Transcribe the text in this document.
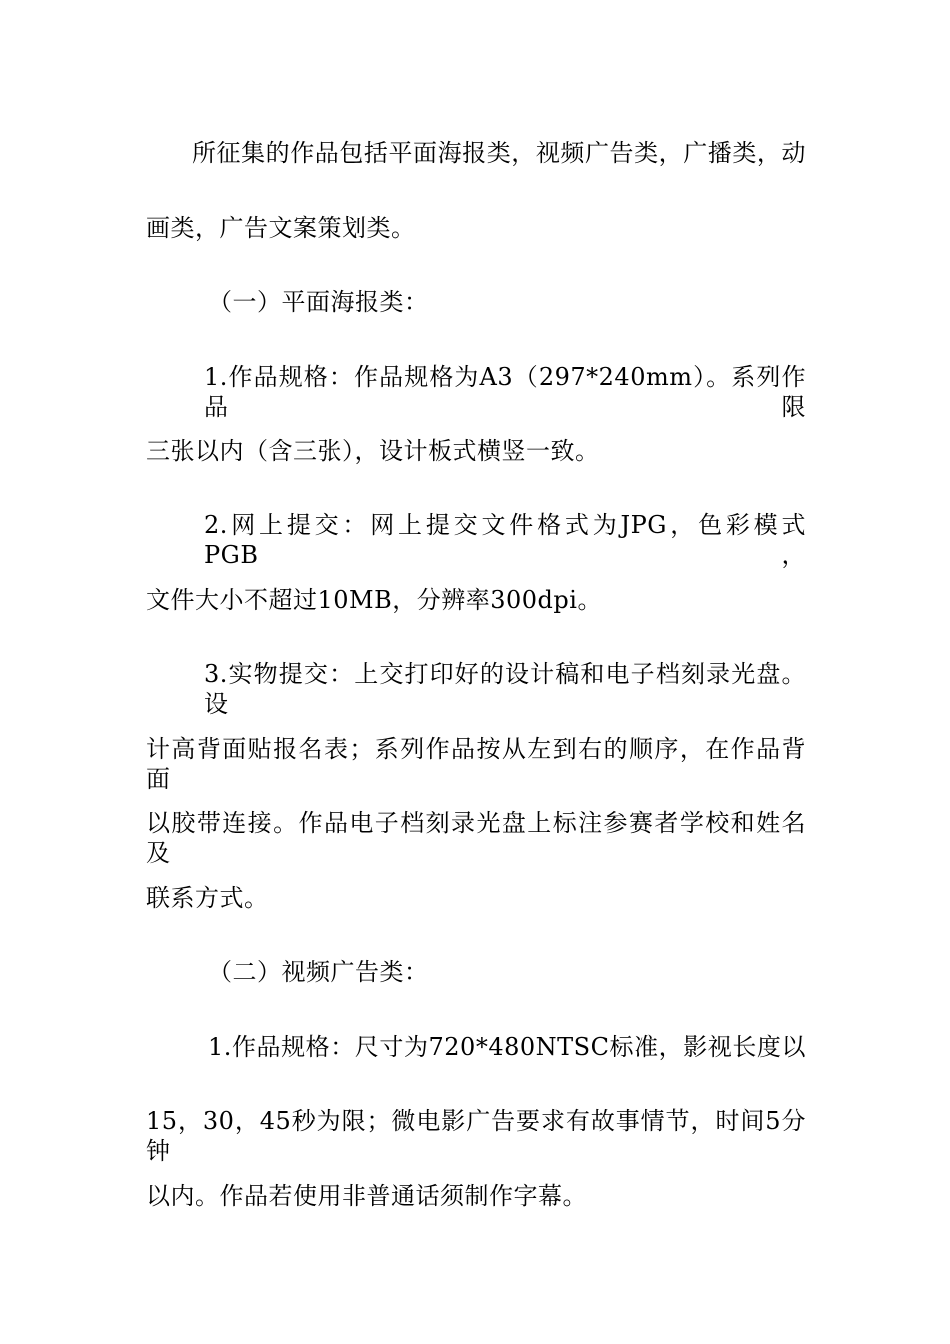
所征集的作品包括平面海报类，视频广告类，广播类，动
画类，广告文案策划类。
（一）平面海报类：
1.作品规格：作品规格为A3（297*240mm）。系列作品限
三张以内（含三张），设计板式横竖一致。
2.网上提交：网上提交文件格式为JPG，色彩模式PGB，
文件大小不超过10MB，分辨率300dpi。
3.实物提交：上交打印好的设计稿和电子档刻录光盘。设
计高背面贴报名表；系列作品按从左到右的顺序，在作品背面
以胶带连接。作品电子档刻录光盘上标注参赛者学校和姓名及
联系方式。
（二）视频广告类：
1.作品规格：尺寸为720*480NTSC标准，影视长度以
15，30，45秒为限；微电影广告要求有故事情节，时间5分钟
以内。作品若使用非普通话须制作字幕。
